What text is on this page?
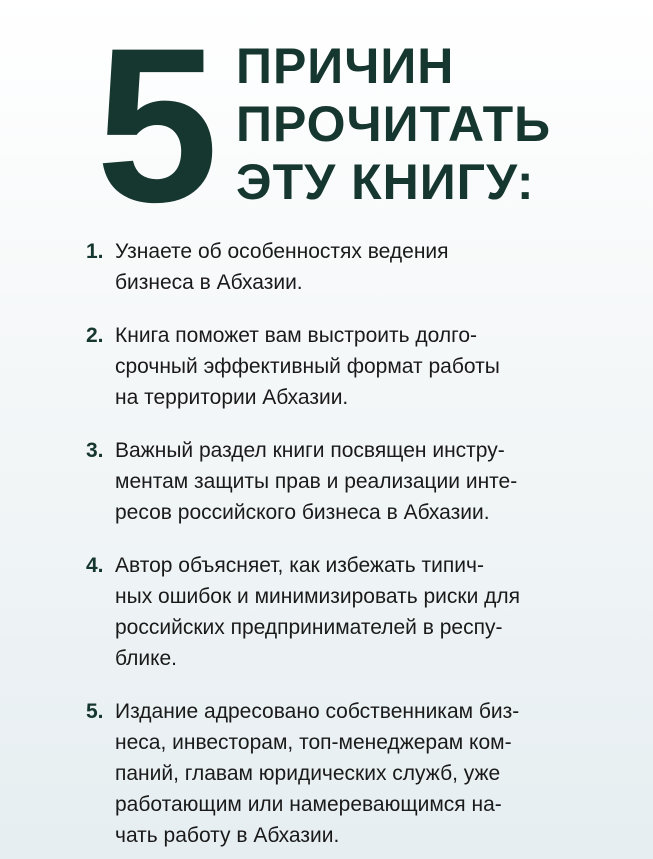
5 ПРИЧИН
ПРОЧИТАТЬ
ЭТУ КНИГУ:
1. Узнаете об особенностях ведения
бизнеса в Абхазии.
2. Книга поможет вам выстроить долго-
срочный эффективный формат работы
на территории Абхазии.
3. Важный раздел книги посвящен инстру-
ментам защиты прав и реализации инте-
ресов российского бизнеса в Абхазии.
4. Автор объясняет, как избежать типич-
ных ошибок и минимизировать риски для
российских предпринимателей в респу-
блике.
5. Издание адресовано собственникам биз-
неса, инвесторам, топ-менеджерам ком-
паний, главам юридических служб, уже
работающим или намеревающимся на-
чать работу в Абхазии.
